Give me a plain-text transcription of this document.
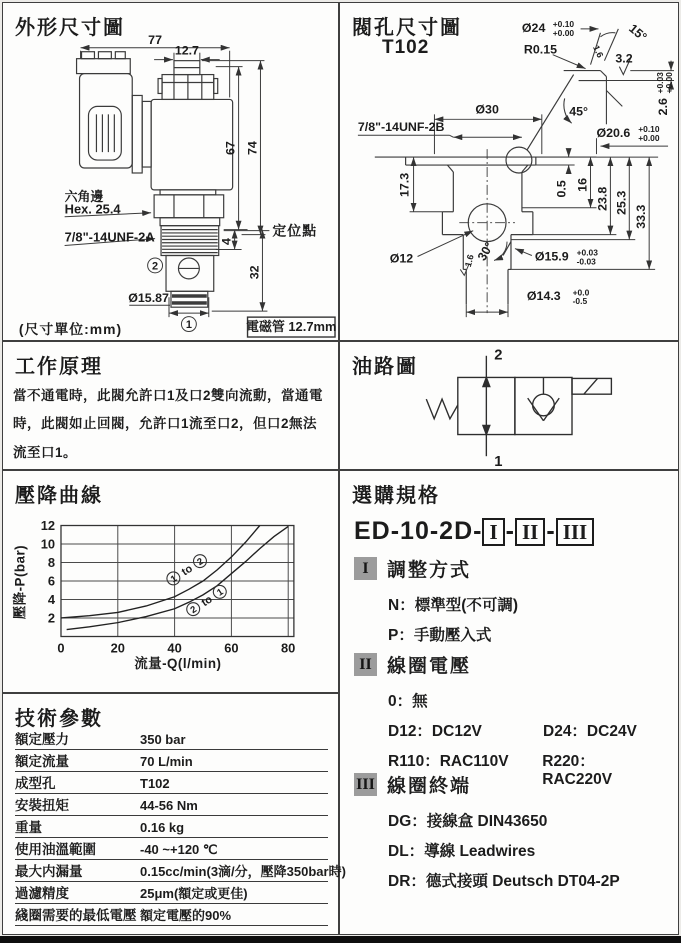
外形尺寸圖
77
12.7
67 74
4
32
六角邊
Hex. 25.4
7/8"-14UNF-2A	定位點
Ø15.87
2
1
(尺寸單位:mm)	電磁管 12.7mm
閥孔尺寸圖
T102
Ø24 +0.10
+0.00
R0.15
15°
1.6 3.2
45°	2.6
+0.03
+0.00
Ø20.6 +0.10
+0.00
Ø30
7/8"-14UNF-2B
17.3	0.5 16
23.8 25.3
33.3
Ø12	1.6 30°	Ø15.9 +0.03
-0.03
Ø14.3 +0.0
-0.5
工作原理
當不通電時，此閥允許口1及口2雙向流動，當通電時，此閥如止回閥，允許口1流至口2，但口2無法流至口1。
油路圖
2
1
壓降曲線
2
4
6
8
10
12
0	20	40	60	80
壓降-P(bar)
流量-Q(l/min)
1 to
2
2 to
1
選購規格
ED-10-2D- I - II - III
I 調整方式
N：標準型(不可調)
P：手動壓入式
II 線圈電壓
0：無
D12：DC12V	D24：DC24V
R110：RAC110V	R220：RAC220V
III 線圈終端
DG：接線盒 DIN43650
DL：導線 Leadwires
DR：德式接頭 Deutsch DT04-2P
技術參數
額定壓力	350 bar
額定流量	70 L/min
成型孔	T102
安裝扭矩	44-56 Nm
重量	0.16 kg
使用油溫範圍	-40 ~+120 ℃
最大内漏量	0.15cc/min(3滴/分，壓降350bar時)
過濾精度	25μm(額定或更佳)
綫圈需要的最低電壓 額定電壓的90%
